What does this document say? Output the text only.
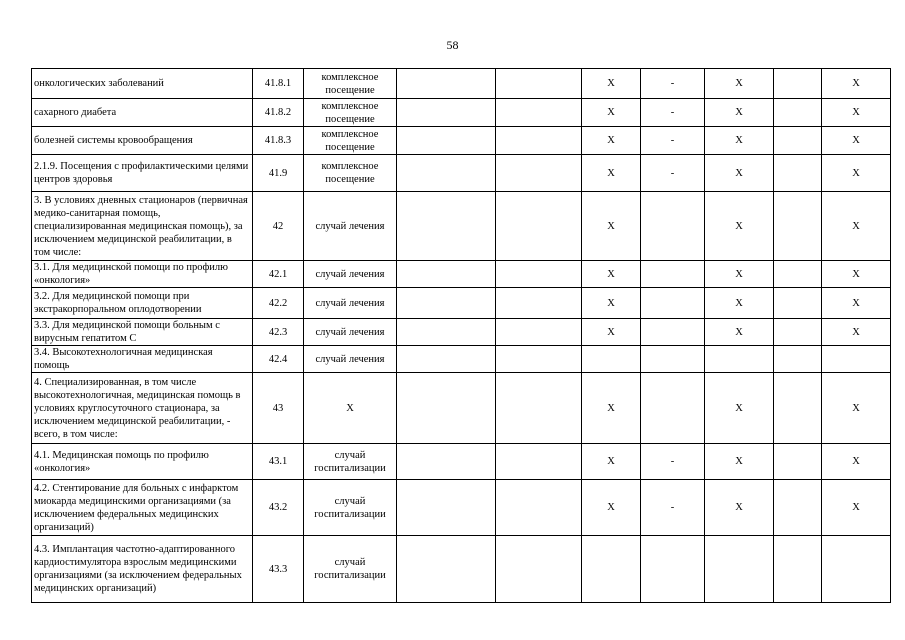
58
онкологических заболеваний	41.8.1	комплексное посещение			X	-	X		X
сахарного диабета	41.8.2	комплексное посещение			X	-	X		X
болезней системы кровообращения	41.8.3	комплексное посещение			X	-	X		X
2.1.9. Посещения с профилактическими целями центров здоровья	41.9	комплексное посещение			X	-	X		X
3. В условиях дневных стационаров (первичная медико-санитарная помощь, специализированная медицинская помощь), за исключением медицинской реабилитации, в том числе:	42	случай лечения			X		X		X
3.1. Для медицинской помощи по профилю «онкология»	42.1	случай лечения			X		X		X
3.2. Для медицинской помощи при экстракорпоральном оплодотворении	42.2	случай лечения			X		X		X
3.3. Для медицинской помощи больным с вирусным гепатитом С	42.3	случай лечения			X		X		X
3.4. Высокотехнологичная медицинская помощь	42.4	случай лечения							
4. Специализированная, в том числе высокотехнологичная, медицинская помощь в условиях круглосуточного стационара, за исключением медицинской реабилитации, - всего, в том числе:	43	X			X		X		X
4.1. Медицинская помощь по профилю «онкология»	43.1	случай госпитализации			X	-	X		X
4.2. Стентирование для больных с инфарктом миокарда медицинскими организациями (за исключением федеральных медицинских организаций)	43.2	случай госпитализации			X	-	X		X
4.3. Имплантация частотно-адаптированного кардиостимулятора взрослым медицинскими организациями (за исключением федеральных медицинских организаций)	43.3	случай госпитализации							
